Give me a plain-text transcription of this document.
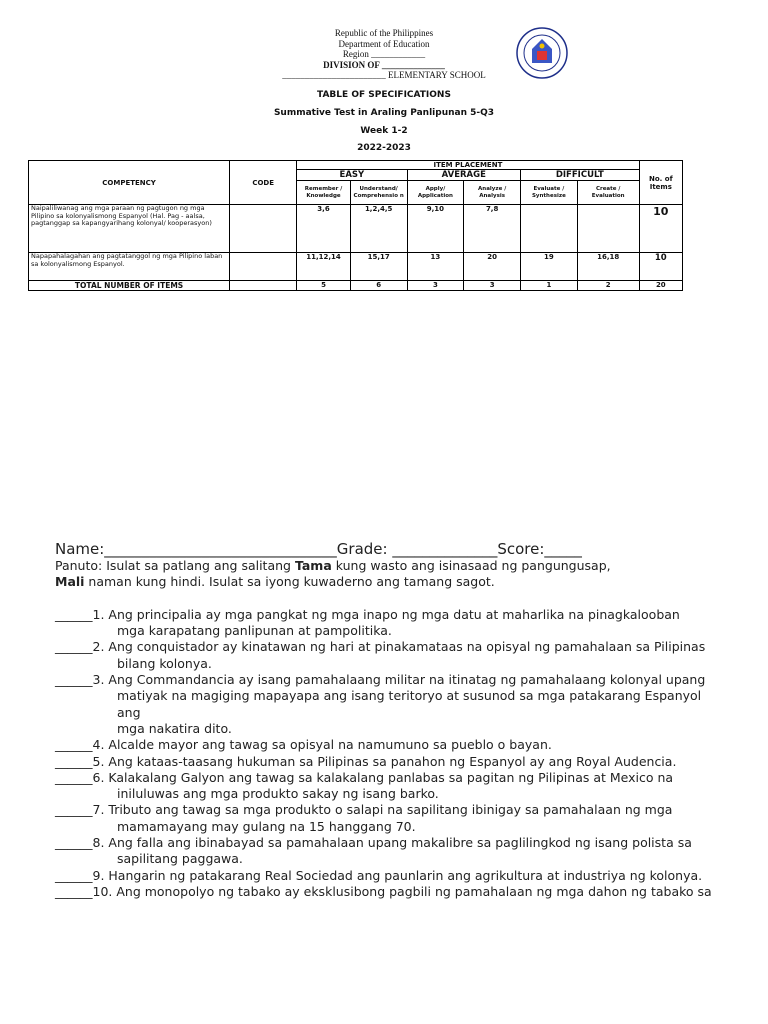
Republic of the Philippines
Department of Education
Region ____________
DIVISION OF ______________
_______________________ ELEMENTARY SCHOOL
TABLE OF SPECIFICATIONS
Summative Test in Araling Panlipunan 5-Q3
Week 1-2
2022-2023
COMPETENCY	CODE	ITEM PLACEMENT						No. of Items
		EASY		AVERAGE		DIFFICULT		
		Remember / Knowledge	Understand/ Comprehensio n	Apply/ Application	Analyze / Analysis	Evaluate / Synthesize	Create / Evaluation	
Naipaliliwanag ang mga paraan ng pagtugon ng mga Pilipino sa kolonyalismong Espanyol (Hal. Pag - aalsa, pagtanggap sa kapangyarihang kolonyal/ kooperasyon)		3,6	1,2,4,5	9,10	7,8			10
Napapahalagahan ang pagtatanggol ng mga Pilipino laban sa kolonyalismong Espanyol.		11,12,14	15,17	13	20	19	16,18	10
TOTAL NUMBER OF ITEMS		5	6	3	3	1	2	20

Name:_______________________________Grade: ______________Score:_____

Panuto: Isulat sa patlang ang salitang Tama kung wasto ang isinasaad ng pangungusap,
Mali naman kung hindi. Isulat sa iyong kuwaderno ang tamang sagot.

______1. Ang principalia ay mga pangkat ng mga inapo ng mga datu at maharlika na pinagkalooban

mga karapatang panlipunan at pampolitika.

______2. Ang conquistador ay kinatawan ng hari at pinakamataas na opisyal ng pamahalaan sa Pilipinas

bilang kolonya.

______3. Ang Commandancia ay isang pamahalaang militar na itinatag ng pamahalaang kolonyal upang

matiyak na magiging mapayapa ang isang teritoryo at susunod sa mga patakarang Espanyol ang

mga nakatira dito.

______4. Alcalde mayor ang tawag sa opisyal na namumuno sa pueblo o bayan.

______5. Ang kataas-taasang hukuman sa Pilipinas sa panahon ng Espanyol ay ang Royal Audencia. ______6. Kalakalang Galyon ang tawag sa kalakalang panlabas sa pagitan ng Pilipinas at Mexico na

iniluluwas ang mga produkto sakay ng isang barko.

______7. Tributo ang tawag sa mga produkto o salapi na sapilitang ibinigay sa pamahalaan ng mga

mamamayang may gulang na 15 hanggang 70.

______8. Ang falla ang ibinabayad sa pamahalaan upang makalibre sa paglilingkod ng isang polista sa

sapilitang paggawa.

______9. Hangarin ng patakarang Real Sociedad ang paunlarin ang agrikultura at industriya ng kolonya. ______10. Ang monopolyo ng tabako ay eksklusibong pagbili ng pamahalaan ng mga dahon ng tabako sa
